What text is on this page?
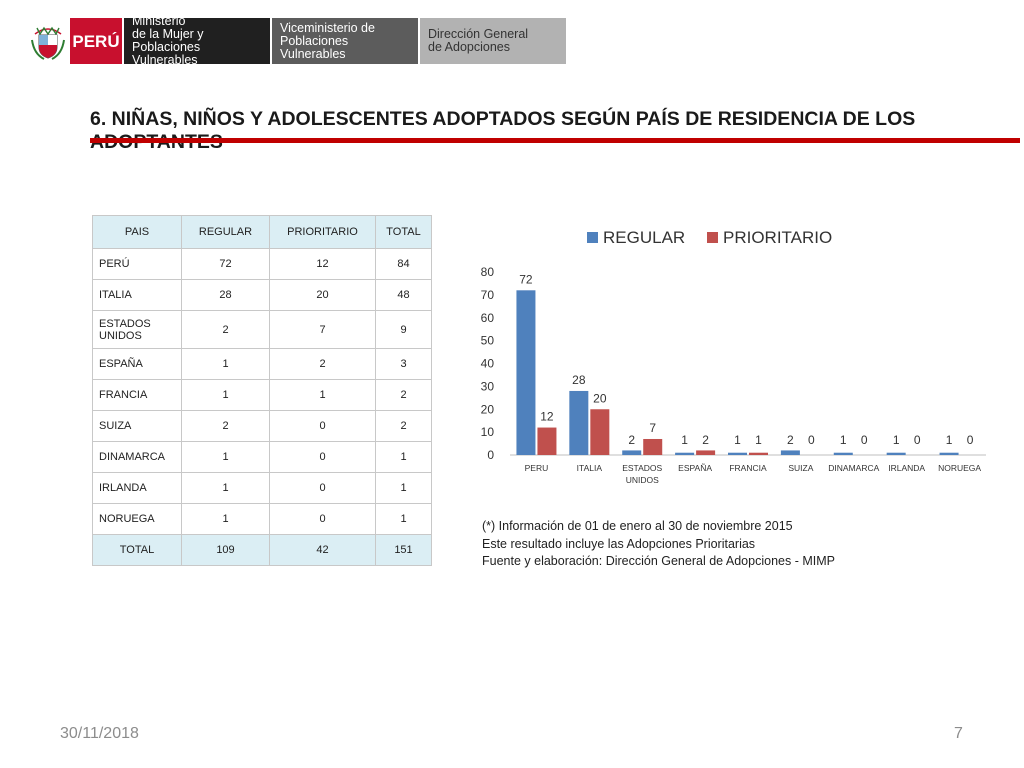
PERÚ
Ministerio
de la Mujer y
Poblaciones Vulnerables
Viceministerio de
Poblaciones Vulnerables
Dirección General
de Adopciones
6. NIÑAS, NIÑOS Y ADOLESCENTES ADOPTADOS SEGÚN PAÍS DE RESIDENCIA DE LOS
PAIS	REGULAR	PRIORITARIO	TOTAL
PERÚ	72	12	84
ITALIA	28	20	48
ESTADOS UNIDOS	2	7	9
ESPAÑA	1	2	3
FRANCIA	1	1	2
SUIZA	2	0	2
DINAMARCA	1	0	1
IRLANDA	1	0	1
NORUEGA	1	0	1
TOTAL	109	42	151
REGULAR PRIORITARIO
0
10
20
30
40
50
60
70
80
72
12
PERU
28
20
ITALIA
2
7
ESTADOS
UNIDOS
1 2
ESPAÑA
1 1
FRANCIA
2 0
SUIZA
1 0
DINAMARCA
1 0
IRLANDA
1 0
NORUEGA
(*) Información de 01 de enero al 30 de noviembre 2015
Este resultado incluye las Adopciones Prioritarias
Fuente y elaboración: Dirección General de Adopciones - MIMP
30/11/2018	7
